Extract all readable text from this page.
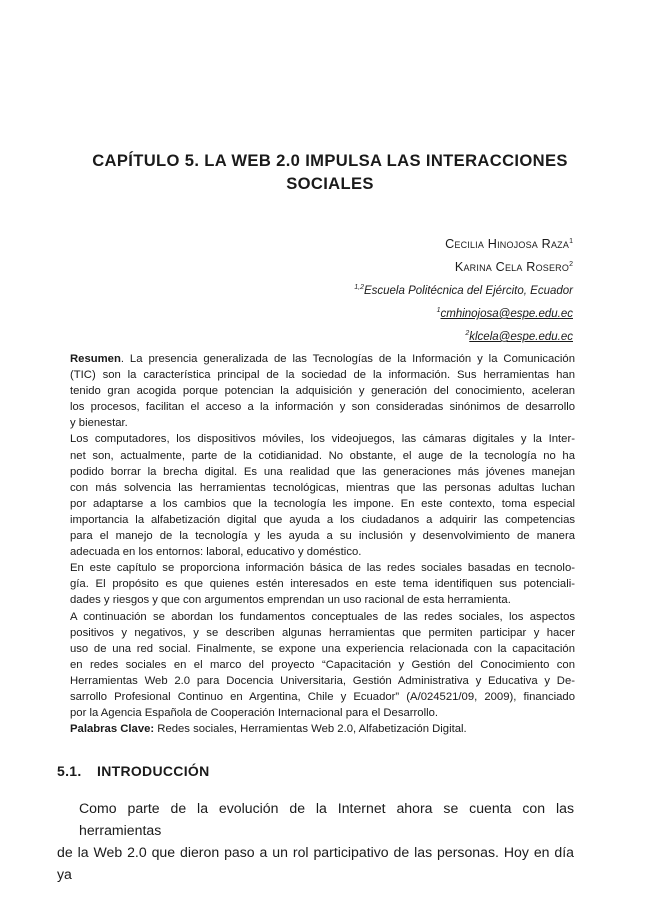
CAPÍTULO 5. LA WEB 2.0 IMPULSA LAS INTERACCIONES
SOCIALES
Cecilia Hinojosa Raza$^1$
Karina Cela Rosero$^2$
$^{1,2}$Escuela Politécnica del Ejército, Ecuador
$^1$cmhinojosa@espe.edu.ec
$^2$klcela@espe.edu.ec

Resumen. La presencia generalizada de las Tecnologías de la Información y la Comunicación

(TIC) son la característica principal de la sociedad de la información. Sus herramientas han

tenido gran acogida porque potencian la adquisición y generación del conocimiento, aceleran

los procesos, facilitan el acceso a la información y son consideradas sinónimos de desarrollo

y bienestar.

Los computadores, los dispositivos móviles, los videojuegos, las cámaras digitales y la Inter-

net son, actualmente, parte de la cotidianidad. No obstante, el auge de la tecnología no ha

podido borrar la brecha digital. Es una realidad que las generaciones más jóvenes manejan

con más solvencia las herramientas tecnológicas, mientras que las personas adultas luchan

por adaptarse a los cambios que la tecnología les impone. En este contexto, toma especial

importancia la alfabetización digital que ayuda a los ciudadanos a adquirir las competencias

para el manejo de la tecnología y les ayuda a su inclusión y desenvolvimiento de manera

adecuada en los entornos: laboral, educativo y doméstico.

En este capítulo se proporciona información básica de las redes sociales basadas en tecnolo-

gía. El propósito es que quienes estén interesados en este tema identifiquen sus potenciali-

dades y riesgos y que con argumentos emprendan un uso racional de esta herramienta.

A continuación se abordan los fundamentos conceptuales de las redes sociales, los aspectos

positivos y negativos, y se describen algunas herramientas que permiten participar y hacer

uso de una red social. Finalmente, se expone una experiencia relacionada con la capacitación

en redes sociales en el marco del proyecto “Capacitación y Gestión del Conocimiento con

Herramientas Web 2.0 para Docencia Universitaria, Gestión Administrativa y Educativa y De-

sarrollo Profesional Continuo en Argentina, Chile y Ecuador” (A/024521/09, 2009), financiado

por la Agencia Española de Cooperación Internacional para el Desarrollo.

Palabras Clave: Redes sociales, Herramientas Web 2.0, Alfabetización Digital.

5.1. INTRODUCCIÓN

Como parte de la evolución de la Internet ahora se cuenta con las herramientas

de la Web 2.0 que dieron paso a un rol participativo de las personas. Hoy en día ya
